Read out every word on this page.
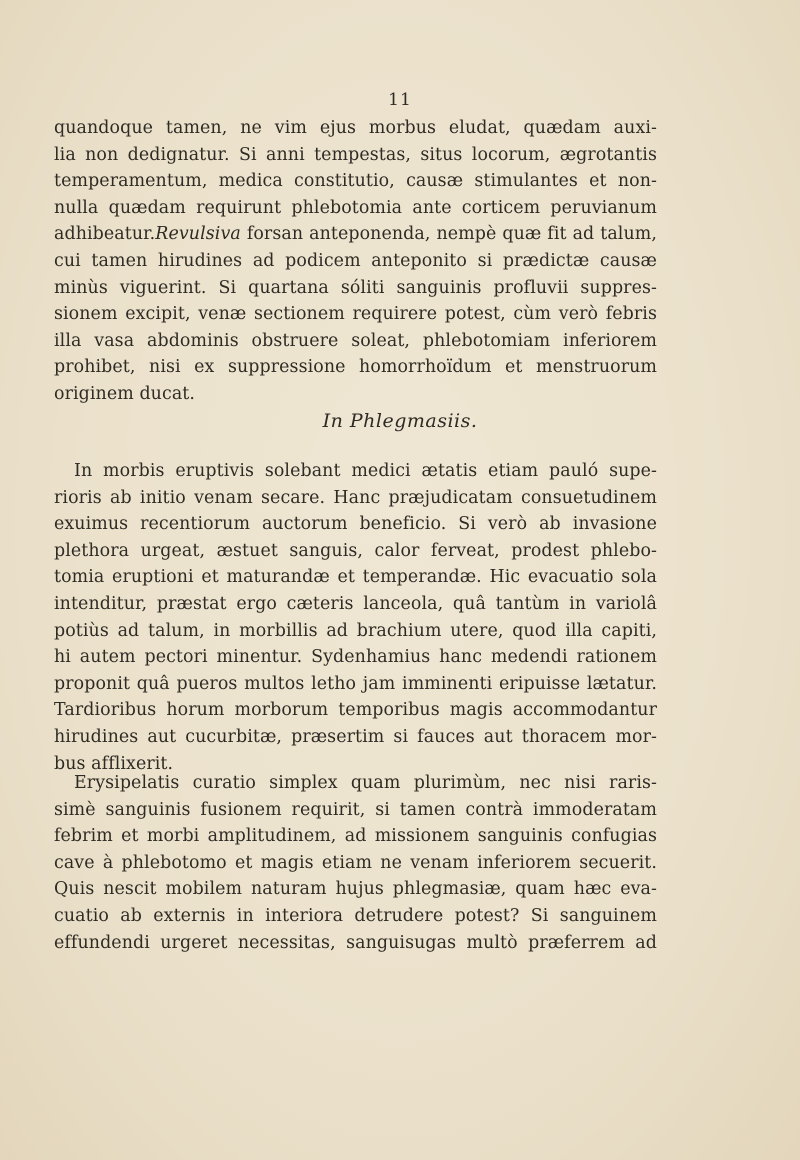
11
quandoque tamen, ne vim ejus morbus eludat, quædam auxi-
lia non dedignatur. Si anni tempestas, situs locorum, ægrotantis
temperamentum, medica constitutio, causæ stimulantes et non-
nulla quædam requirunt phlebotomia ante corticem peruvianum
adhibeatur.Revulsiva forsan anteponenda, nempè quæ fit ad talum,
cui tamen hirudines ad podicem anteponito si prædictæ causæ
minùs viguerint. Si quartana sóliti sanguinis profluvii suppres-
sionem excipit, venæ sectionem requirere potest, cùm verò febris
illa vasa abdominis obstruere soleat, phlebotomiam inferiorem
prohibet, nisi ex suppressione homorrhoïdum et menstruorum
originem ducat.
In Phlegmasiis.
In morbis eruptivis solebant medici ætatis etiam pauló supe-
rioris ab initio venam secare. Hanc præjudicatam consuetudinem
exuimus recentiorum auctorum beneficio. Si verò ab invasione
plethora urgeat, æstuet sanguis, calor ferveat, prodest phlebo-
tomia eruptioni et maturandæ et temperandæ. Hic evacuatio sola
intenditur, præstat ergo cæteris lanceola, quâ tantùm in variolâ
potiùs ad talum, in morbillis ad brachium utere, quod illa capiti,
hi autem pectori minentur. Sydenhamius hanc medendi rationem
proponit quâ pueros multos letho jam imminenti eripuisse lætatur.
Tardioribus horum morborum temporibus magis accommodantur
hirudines aut cucurbitæ, præsertim si fauces aut thoracem mor-
bus afflixerit.
Erysipelatis curatio simplex quam plurimùm, nec nisi raris-
simè sanguinis fusionem requirit, si tamen contrà immoderatam
febrim et morbi amplitudinem, ad missionem sanguinis confugias
cave à phlebotomo et magis etiam ne venam inferiorem secuerit.
Quis nescit mobilem naturam hujus phlegmasiæ, quam hæc eva-
cuatio ab externis in interiora detrudere potest? Si sanguinem
effundendi urgeret necessitas, sanguisugas multò præferrem ad
